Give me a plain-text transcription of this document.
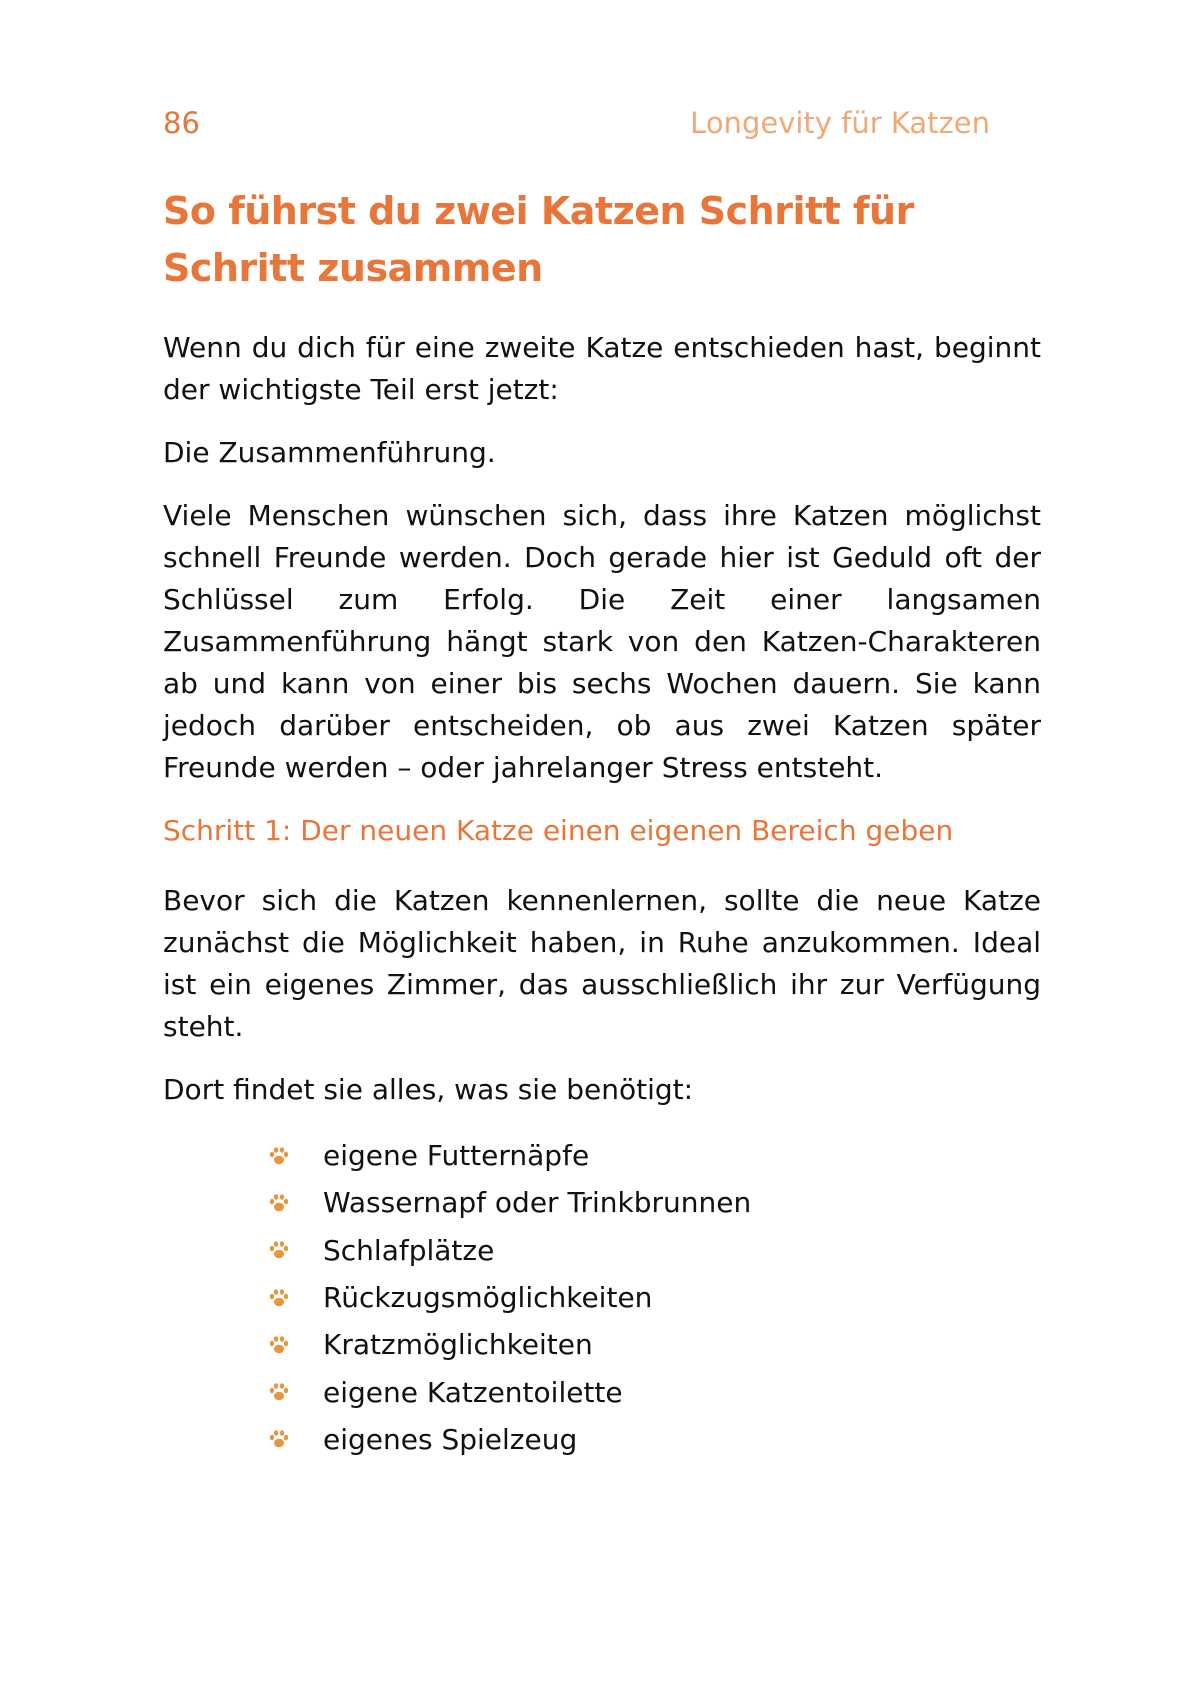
86	Longevity für Katzen
So führst du zwei Katzen Schritt für Schritt zusammen

Wenn du dich für eine zweite Katze entschieden hast, beginnt der wichtigste Teil erst jetzt:

Die Zusammenführung.

Viele Menschen wünschen sich, dass ihre Katzen möglichst schnell Freunde werden. Doch gerade hier ist Geduld oft der Schlüssel zum Erfolg. Die Zeit einer langsamen Zusammenführung hängt stark von den Katzen-Charakteren ab und kann von einer bis sechs Wochen dauern. Sie kann jedoch darüber entscheiden, ob aus zwei Katzen später Freunde werden – oder jahrelanger Stress entsteht.

Schritt 1: Der neuen Katze einen eigenen Bereich geben

Bevor sich die Katzen kennenlernen, sollte die neue Katze zunächst die Möglichkeit haben, in Ruhe anzukommen. Ideal ist ein eigenes Zimmer, das ausschließlich ihr zur Verfügung steht.

Dort findet sie alles, was sie benötigt:

eigene Futternäpfe
Wassernapf oder Trinkbrunnen
Schlafplätze
Rückzugsmöglichkeiten
Kratzmöglichkeiten
eigene Katzentoilette
eigenes Spielzeug
